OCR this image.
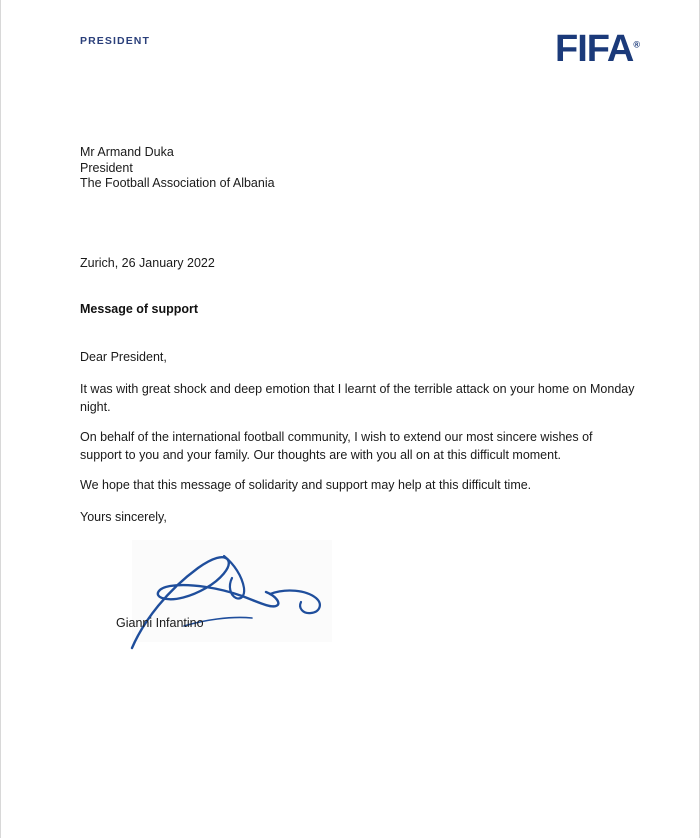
PRESIDENT	FIFA®
Mr Armand Duka
President
The Football Association of Albania
Zurich, 26 January 2022
Message of support

Dear President,

It was with great shock and deep emotion that I learnt of the terrible attack on your home on Monday night.

On behalf of the international football community, I wish to extend our most sincere wishes of support to you and your family. Our thoughts are with you all on at this difficult moment.

We hope that this message of solidarity and support may help at this difficult time.

Yours sincerely,

Gianni Infantino
